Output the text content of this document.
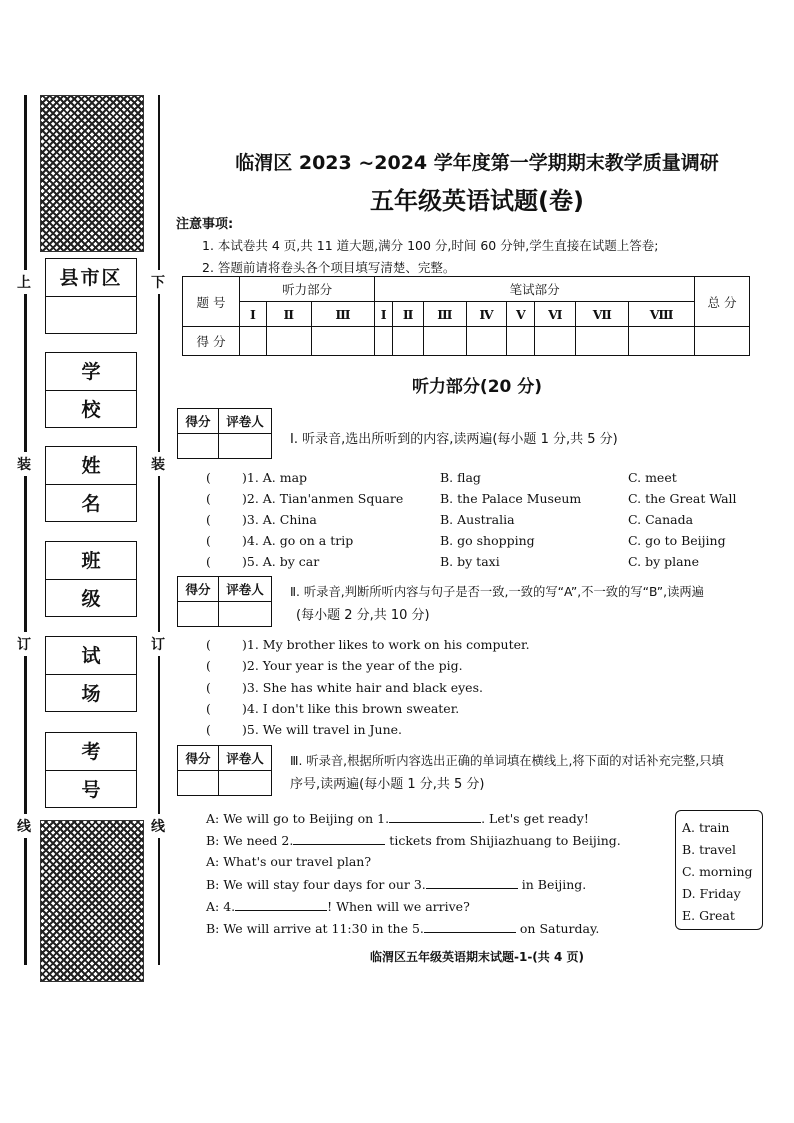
上
装
订
线
下
装
订
线
县市区
学 校
姓 名
班 级
试 场
考 号
临渭区 2023 ~2024 学年度第一学期期末教学质量调研
五年级英语试题(卷)
注意事项:
1. 本试卷共 4 页,共 11 道大题,满分 100 分,时间 60 分钟,学生直接在试题上答卷;
2. 答题前请将卷头各个项目填写清楚、完整。
题 号	听力部分			笔试部分								总 分
	Ⅰ	Ⅱ	Ⅲ	Ⅰ	Ⅱ	Ⅲ	Ⅳ	Ⅴ	Ⅵ	Ⅶ	Ⅷ	
得 分												
听力部分(20 分)
得分	评卷人

Ⅰ. 听录音,选出所听到的内容,读两遍(每小题 1 分,共 5 分)
( )1. A. map	B. flag	C. meet
( )2. A. Tian'anmen Square	B. the Palace Museum	C. the Great Wall
( )3. A. China	B. Australia	C. Canada
( )4. A. go on a trip	B. go shopping	C. go to Beijing
( )5. A. by car	B. by taxi	C. by plane
得分	评卷人
	Ⅱ. 听录音,判断所听内容与句子是否一致,一致的写“A”,不一致的写“B”,读两遍
(每小题 2 分,共 10 分)
( )1. My brother likes to work on his computer.
( )2. Your year is the year of the pig.
( )3. She has white hair and black eyes.
( )4. I don't like this brown sweater.
( )5. We will travel in June.
得分	评卷人
	Ⅲ. 听录音,根据所听内容选出正确的单词填在横线上,将下面的对话补充完整,只填
序号,读两遍(每小题 1 分,共 5 分)
A: We will go to Beijing on 1.	. Let's get ready!
B: We need 2.	tickets from Shijiazhuang to Beijing.
A: What's our travel plan?
B: We will stay four days for our 3.	in Beijing.
A: 4.	! When will we arrive?
B: We will arrive at 11:30 in the 5.	on Saturday.
A. train
B. travel
C. morning
D. Friday
E. Great
临渭区五年级英语期末试题-1-(共 4 页)
